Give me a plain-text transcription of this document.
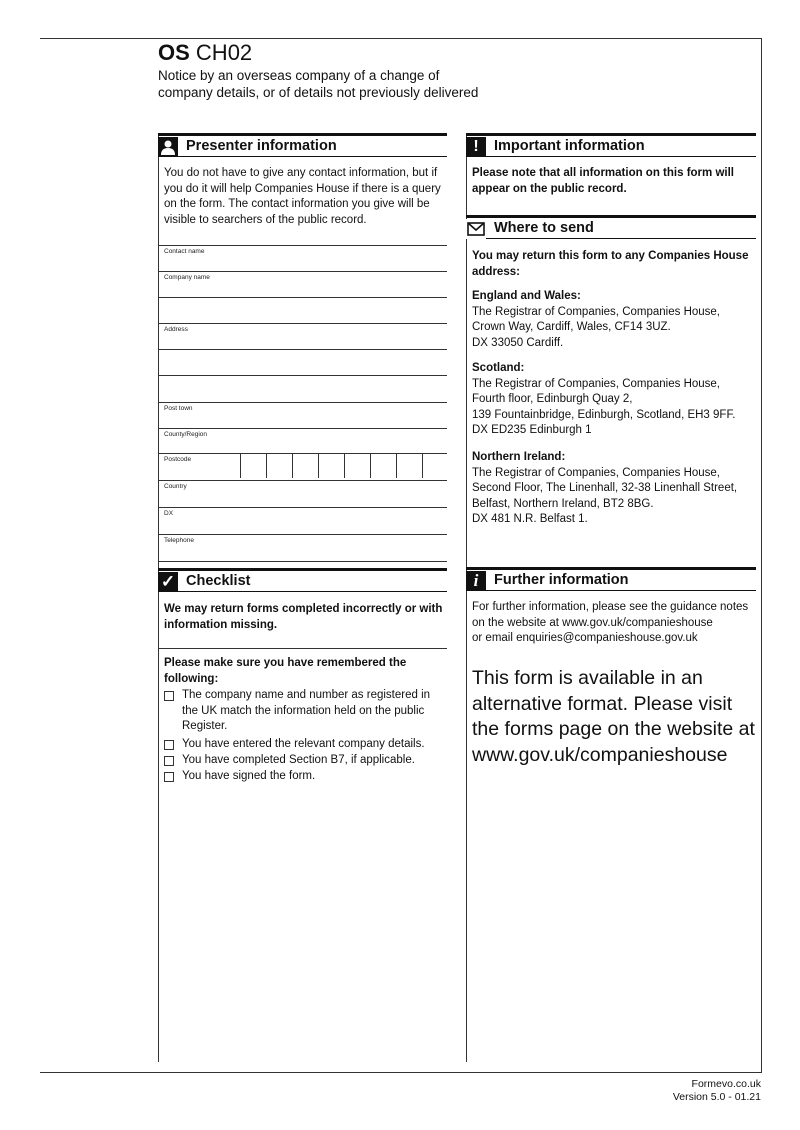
OS CH02
Notice by an overseas company of a change of
company details, or of details not previously delivered
Presenter information
You do not have to give any contact information, but if you do it will help Companies House if there is a query on the form. The contact information you give will be visible to searchers of the public record.
Contact name
Company name
Address
Post town
County/Region
Postcode
Country
DX
Telephone
✓ Checklist
We may return forms completed incorrectly or with information missing.
Please make sure you have remembered the following:
The company name and number as registered in the UK match the information held on the public Register.
You have entered the relevant company details.
You have completed Section B7, if applicable.
You have signed the form.
!	Important information
Please note that all information on this form will appear on the public record.
Where to send
You may return this form to any Companies House address:
England and Wales:
The Registrar of Companies, Companies House,
Crown Way, Cardiff, Wales, CF14 3UZ.
DX 33050 Cardiff.
Scotland:
The Registrar of Companies, Companies House,
Fourth floor, Edinburgh Quay 2,
139 Fountainbridge, Edinburgh, Scotland, EH3 9FF.
DX ED235 Edinburgh 1
Northern Ireland:
The Registrar of Companies, Companies House,
Second Floor, The Linenhall, 32-38 Linenhall Street,
Belfast, Northern Ireland, BT2 8BG.
DX 481 N.R. Belfast 1.
i	Further information
For further information, please see the guidance notes
on the website at www.gov.uk/companieshouse
or email enquiries@companieshouse.gov.uk
This form is available in an alternative format. Please visit the forms page on the website at www.gov.uk/companieshouse
Formevo.co.uk
Version 5.0 - 01.21
